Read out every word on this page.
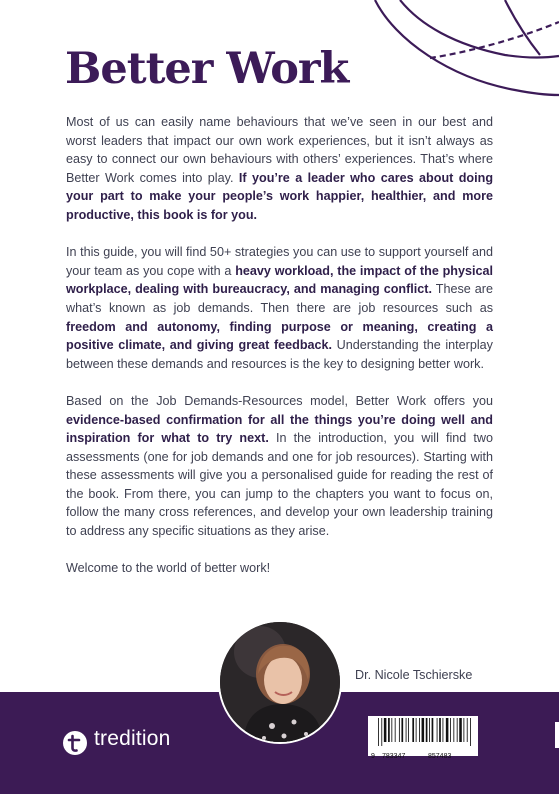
Better Work

Most of us can easily name behaviours that we’ve seen in our best and worst leaders that impact our own work experiences, but it isn’t always as easy to connect our own behaviours with others’ experiences. That’s where Better Work comes into play. If you’re a leader who cares about doing your part to make your people’s work happier, healthier, and more productive, this book is for you.

In this guide, you will find 50+ strategies you can use to support yourself and your team as you cope with a heavy workload, the impact of the physical workplace, dealing with bureaucracy, and managing conflict. These are what’s known as job demands. Then there are job resources such as freedom and autonomy, finding purpose or meaning, creating a positive climate, and giving great feedback. Understanding the interplay between these demands and resources is the key to designing better work.

Based on the Job Demands-Resources model, Better Work offers you evidence-based confirmation for all the things you’re doing well and inspiration for what to try next. In the introduction, you will find two assessments (one for job demands and one for job resources). Starting with these assessments will give you a personalised guide for reading the rest of the book. From there, you can jump to the chapters you want to focus on, follow the many cross references, and develop your own leadership training to address any specific situations as they arise.

Welcome to the world of better work!

Dr. Nicole Tschierske
tredition
9 783347	857483
